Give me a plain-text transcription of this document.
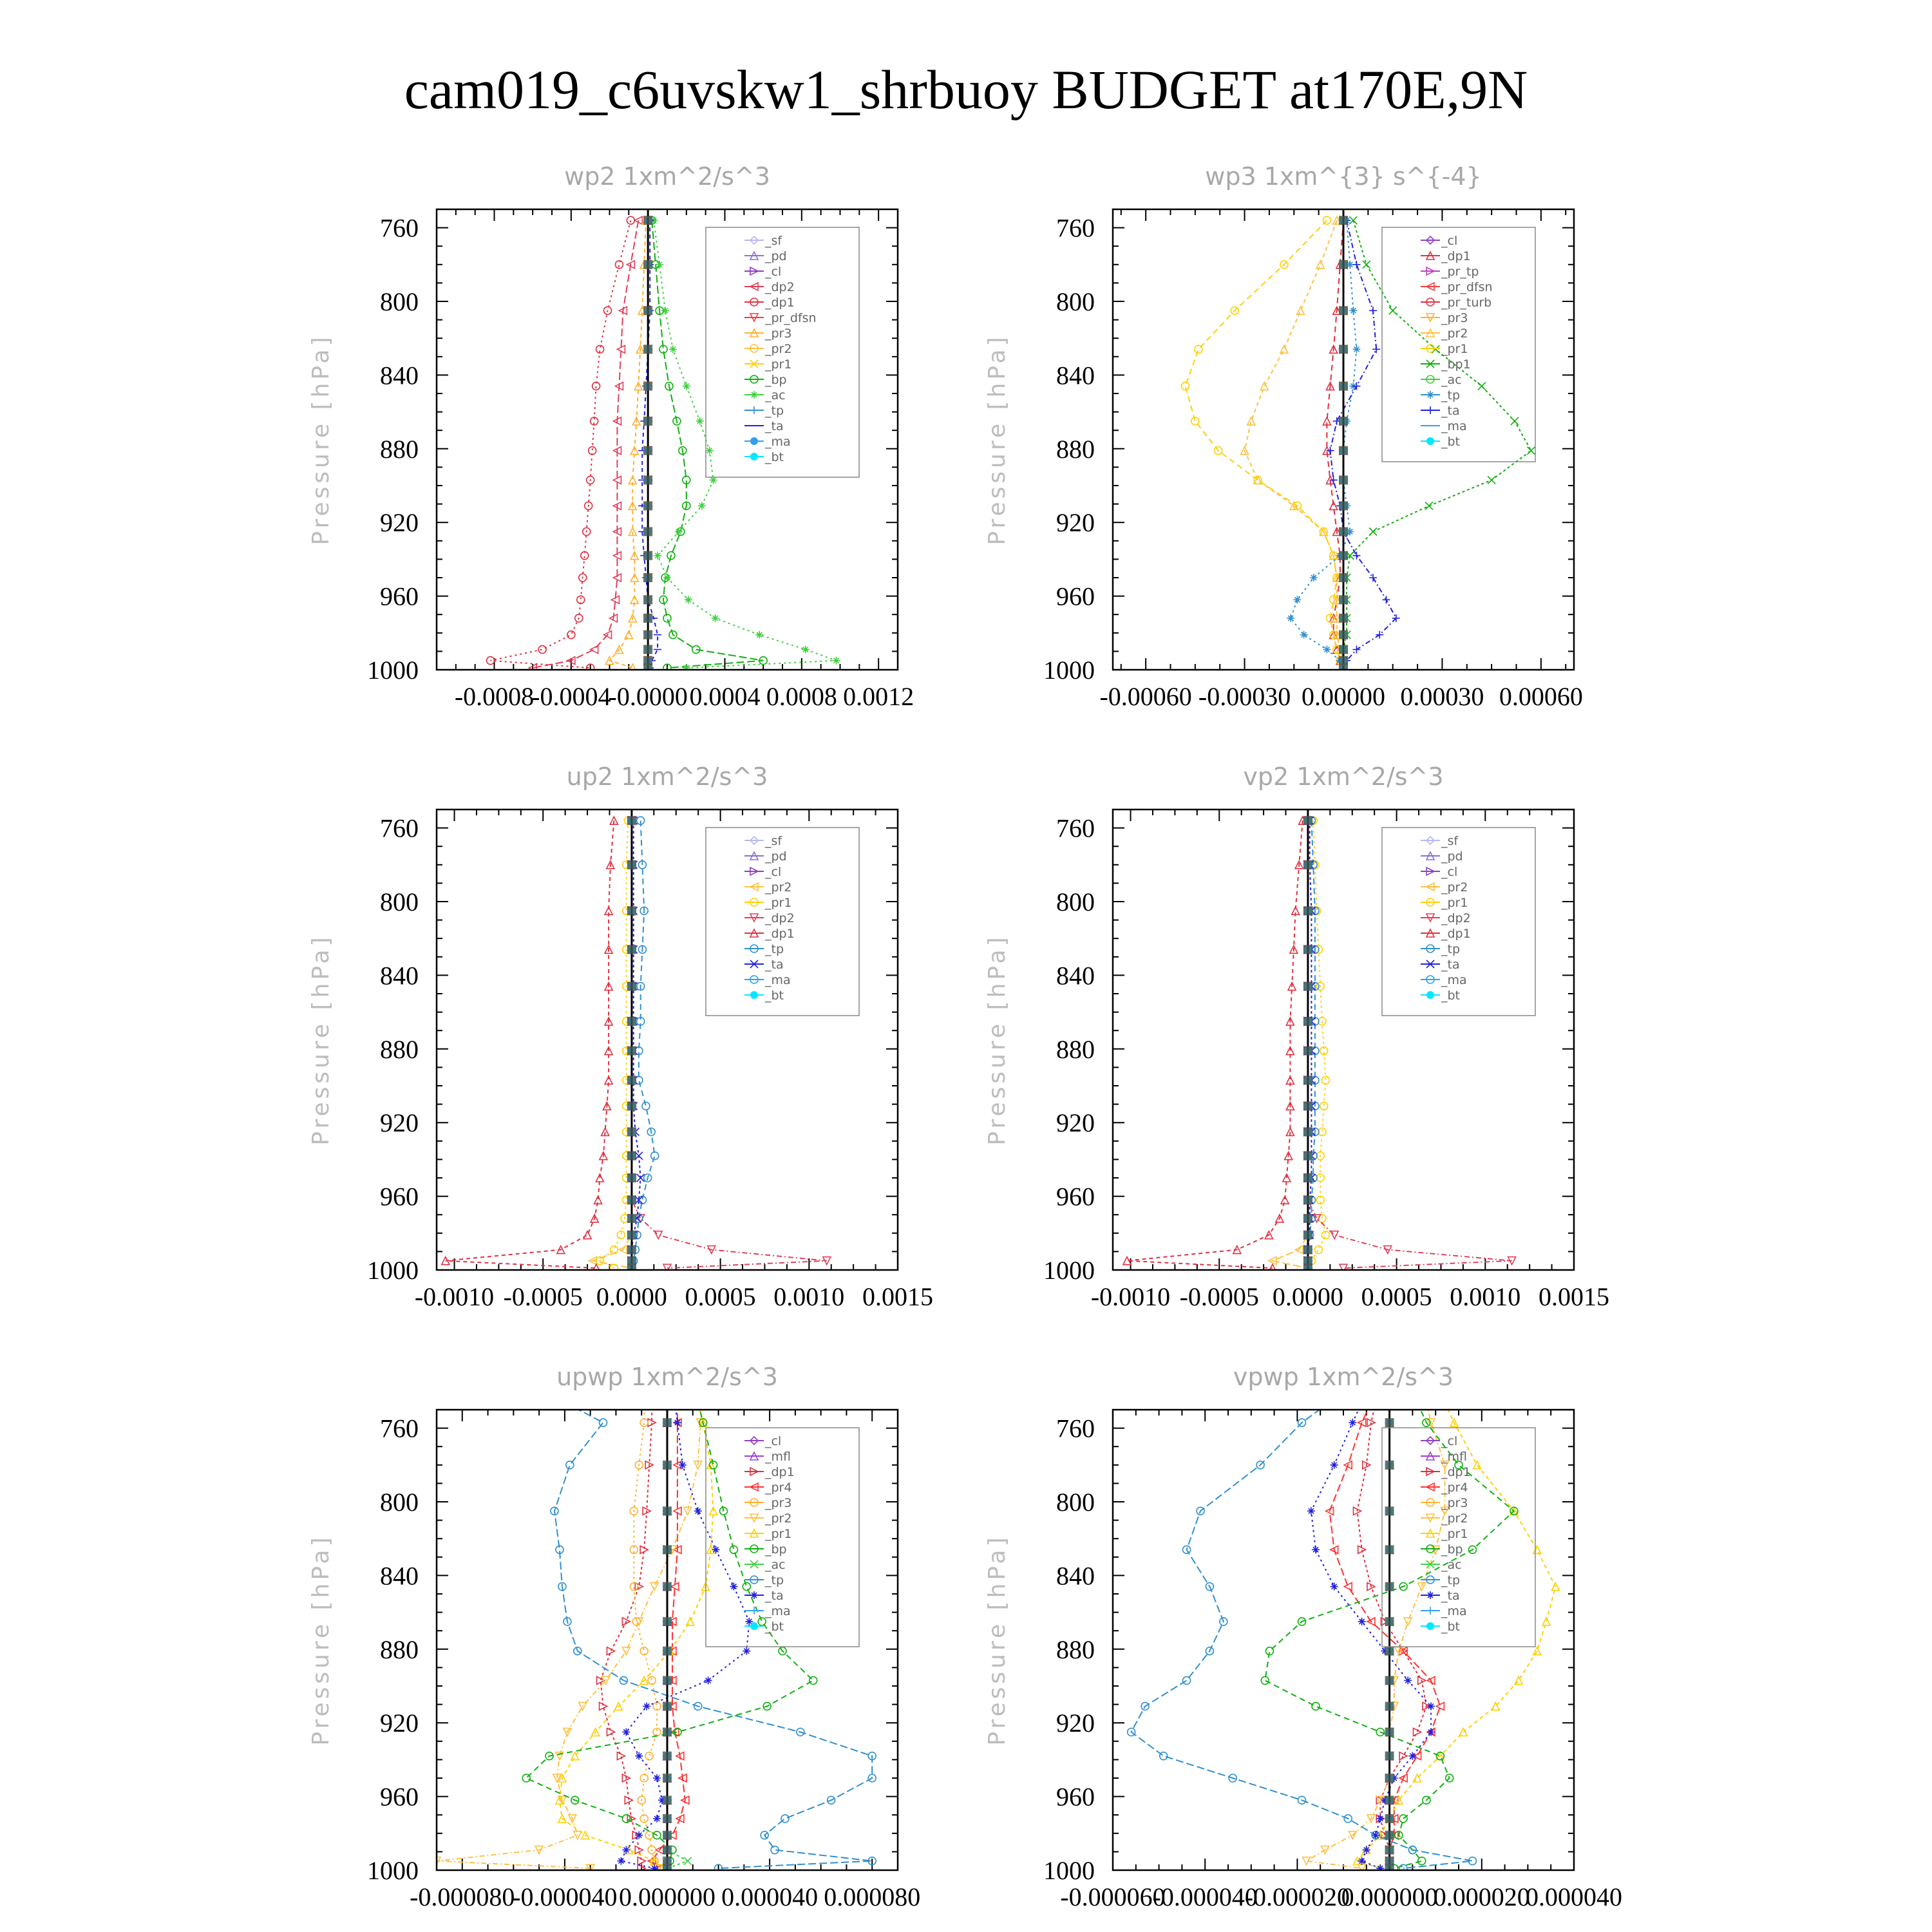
cam019_c6uvskw1_shrbuoy BUDGET at170E,9N
wp2 1xm^2/s^3
Pressure [hPa]
760
800
840
880
920
960
1000
-0.0008
-0.0004
-0.0000 0.0004 0.0008 0.0012
_sf
_pd
_cl
_dp2
_dp1
_pr_dfsn
_pr3
_pr2
_pr1
_bp
_ac
_tp
_ta
_ma
_bt
wp3 1xm^{3} s^{-4}
Pressure [hPa]
760
800
840
880
920
960
1000
-0.00060 -0.00030 0.00000 0.00030 0.00060
_cl
_dp1
_pr_tp
_pr_dfsn
_pr_turb
_pr3
_pr2
_pr1
_bp1
_ac
_tp
_ta
_ma
_bt
up2 1xm^2/s^3
Pressure [hPa]
760
800
840
880
920
960
1000
-0.0010 -0.0005 0.0000 0.0005 0.0010 0.0015
_sf
_pd
_cl
_pr2
_pr1
_dp2
_dp1
_tp
_ta
_ma
_bt
vp2 1xm^2/s^3
Pressure [hPa]
760
800
840
880
920
960
1000
-0.0010 -0.0005 0.0000 0.0005 0.0010 0.0015
_sf
_pd
_cl
_pr2
_pr1
_dp2
_dp1
_tp
_ta
_ma
_bt
upwp 1xm^2/s^3
Pressure [hPa]
760
800
840
880
920
960
1000
-0.000080
-0.000040 0.000000 0.000040 0.000080
_cl
_mfl
_dp1
_pr4
_pr3
_pr2
_pr1
_bp
_ac
_tp
_ta
_ma
_bt
vpwp 1xm^2/s^3
Pressure [hPa]
760
800
840
880
920
960
1000
-0.000060
-0.000040
-0.000020
0.000000
0.000020
0.000040
_cl
_mfl
_dp1
_pr4
_pr3
_pr2
_pr1
_bp
_ac
_tp
_ta
_ma
_bt
